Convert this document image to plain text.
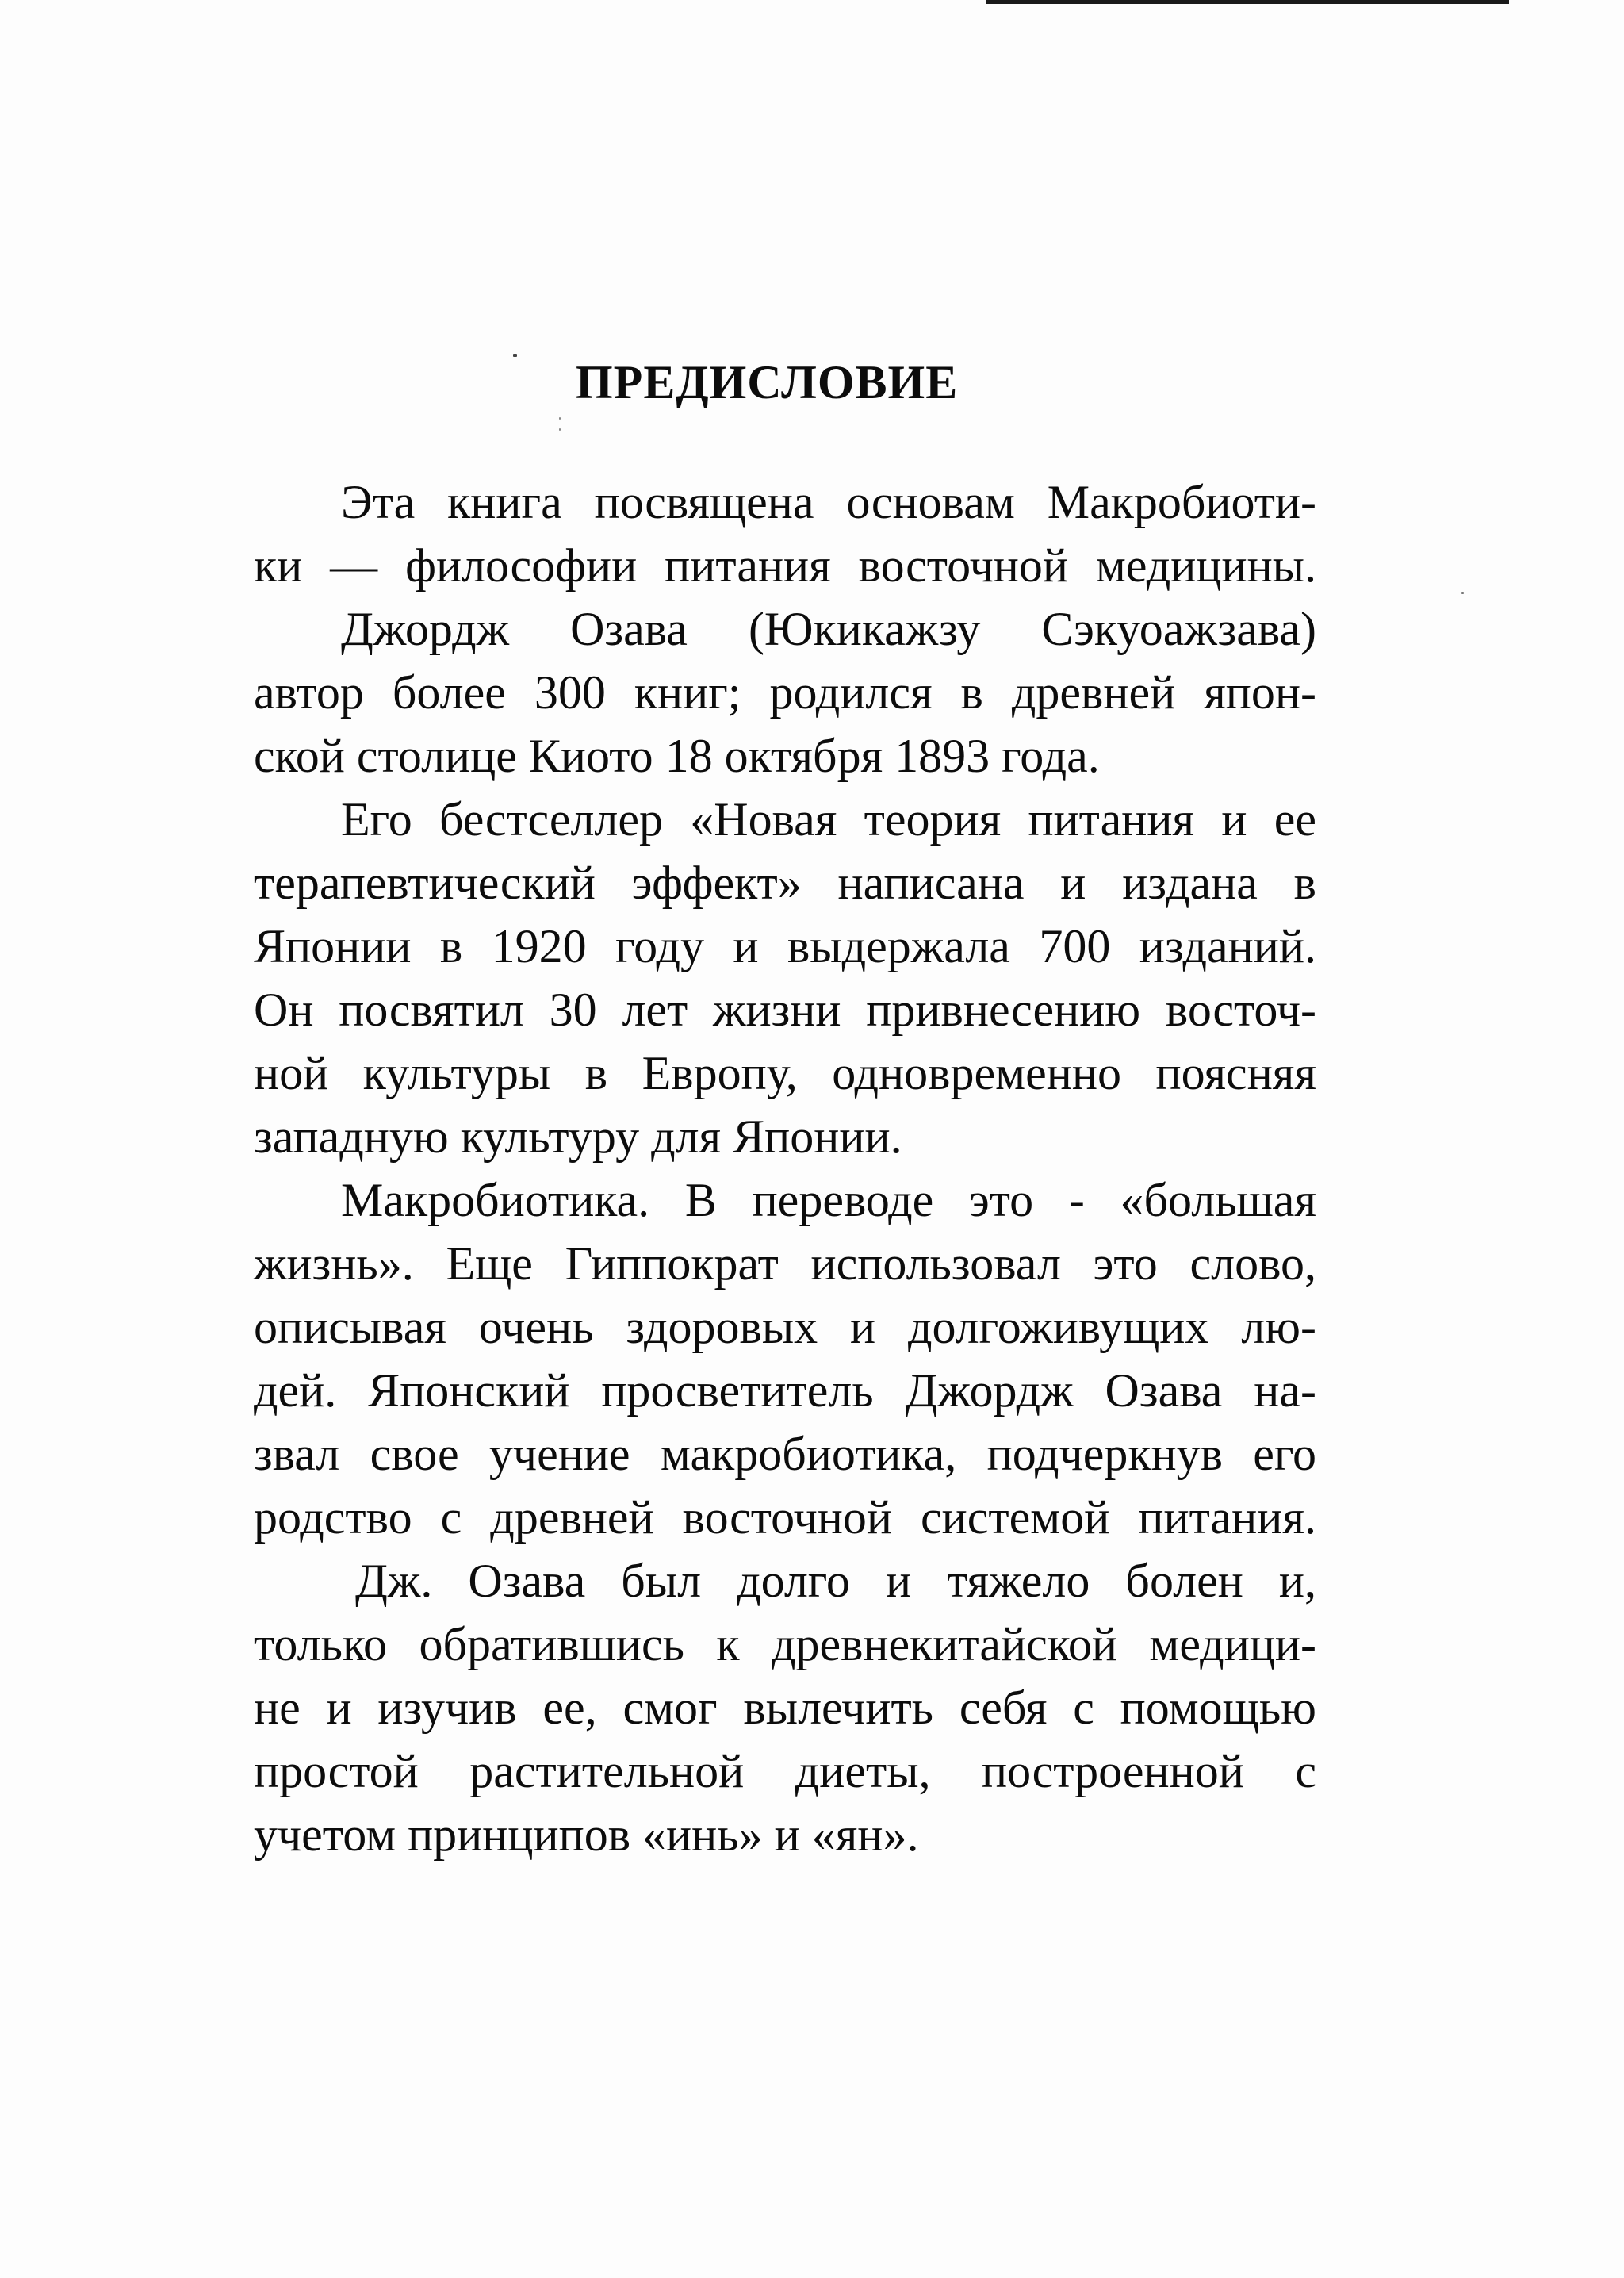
ПРЕДИСЛОВИЕ
Эта книга посвящена основам Макробиоти-
ки — философии питания восточной медицины.
Джордж Озава (Юкикажзу Сэкуоажзава)
автор более 300 книг; родился в древней япон-
ской столице Киото 18 октября 1893 года.
Его бестселлер «Новая теория питания и ее
терапевтический эффект» написана и издана в
Японии в 1920 году и выдержала 700 изданий.
Он посвятил 30 лет жизни привнесению восточ-
ной культуры в Европу, одновременно поясняя
западную культуру для Японии.
Макробиотика. В переводе это - «большая
жизнь». Еще Гиппократ использовал это слово,
описывая очень здоровых и долгоживущих лю-
дей. Японский просветитель Джордж Озава на-
звал свое учение макробиотика, подчеркнув его
родство с древней восточной системой питания.
Дж. Озава был долго и тяжело болен и,
только обратившись к древнекитайской медици-
не и изучив ее, смог вылечить себя с помощью
простой растительной диеты, построенной с
учетом принципов «инь» и «ян».
